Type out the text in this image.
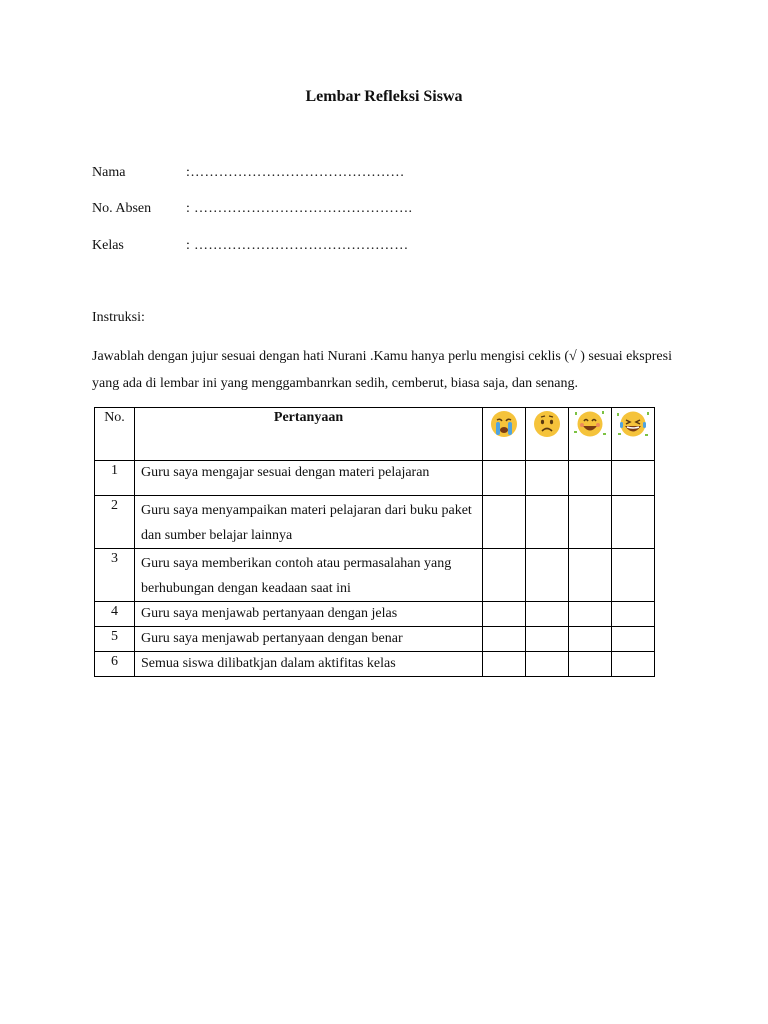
Lembar Refleksi Siswa
Nama	:………………………………………
No. Absen : ……………………………………….
Kelas	: ………………………………………
Instruksi:
Jawablah dengan jujur sesuai dengan hati Nurani .Kamu hanya perlu mengisi ceklis (√ ) sesuai ekspresi yang ada di lembar ini yang menggambanrkan sedih, cemberut, biasa saja, dan senang.
No.	Pertanyaan	

1	Guru saya mengajar sesuai dengan materi pelajaran				
2	Guru saya menyampaikan materi pelajaran dari buku paket dan sumber belajar lainnya				
3	Guru saya memberikan contoh atau permasalahan yang berhubungan dengan keadaan saat ini				
4	Guru saya menjawab pertanyaan dengan jelas				
5	Guru saya menjawab pertanyaan dengan benar				
6	Semua siswa dilibatkjan dalam aktifitas kelas				
